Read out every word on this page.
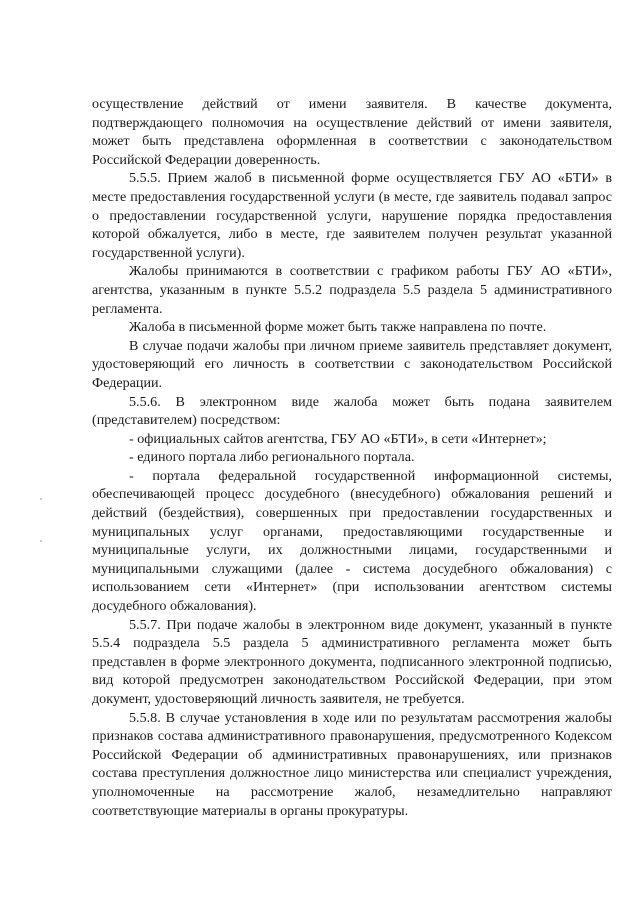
осуществление действий от имени заявителя. В качестве документа, подтверждающего полномочия на осуществление действий от имени заявителя, может быть представлена оформленная в соответствии с законодательством Российской Федерации доверенность.

5.5.5. Прием жалоб в письменной форме осуществляется ГБУ АО «БТИ» в месте предоставления государственной услуги (в месте, где заявитель подавал запрос о предоставлении государственной услуги, нарушение порядка предоставления которой обжалуется, либо в месте, где заявителем получен результат указанной государственной услуги).

Жалобы принимаются в соответствии с графиком работы ГБУ АО «БТИ», агентства, указанным в пункте 5.5.2 подраздела 5.5 раздела 5 административного регламента.

Жалоба в письменной форме может быть также направлена по почте.

В случае подачи жалобы при личном приеме заявитель представляет документ, удостоверяющий его личность в соответствии с законодательством Российской Федерации.

5.5.6. В электронном виде жалоба может быть подана заявителем (представителем) посредством:

- официальных сайтов агентства, ГБУ АО «БТИ», в сети «Интернет»;

- единого портала либо регионального портала.

- портала федеральной государственной информационной системы, обеспечивающей процесс досудебного (внесудебного) обжалования решений и действий (бездействия), совершенных при предоставлении государственных и муниципальных услуг органами, предоставляющими государственные и муниципальные услуги, их должностными лицами, государственными и муниципальными служащими (далее - система досудебного обжалования) с использованием сети «Интернет» (при использовании агентством системы досудебного обжалования).

5.5.7. При подаче жалобы в электронном виде документ, указанный в пункте 5.5.4 подраздела 5.5 раздела 5 административного регламента может быть представлен в форме электронного документа, подписанного электронной подписью, вид которой предусмотрен законодательством Российской Федерации, при этом документ, удостоверяющий личность заявителя, не требуется.

5.5.8. В случае установления в ходе или по результатам рассмотрения жалобы признаков состава административного правонарушения, предусмотренного Кодексом Российской Федерации об административных правонарушениях, или признаков состава преступления должностное лицо министерства или специалист учреждения, уполномоченные на рассмотрение жалоб, незамедлительно направляют соответствующие материалы в органы прокуратуры.
